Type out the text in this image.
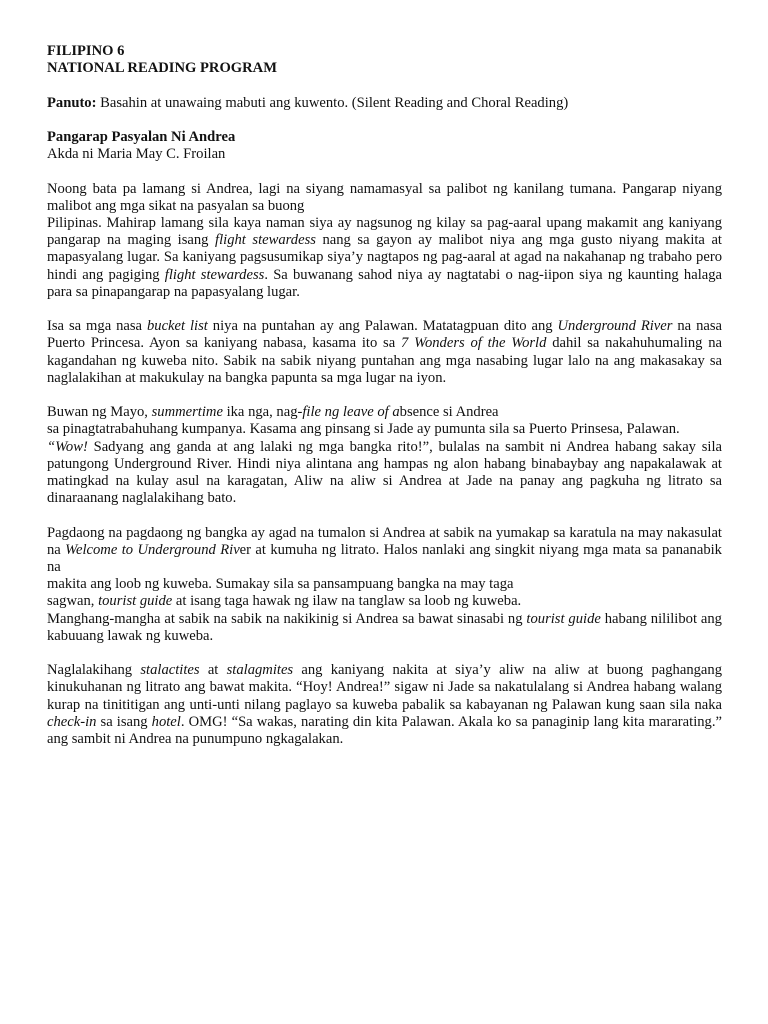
FILIPINO 6

NATIONAL READING PROGRAM

Panuto: Basahin at unawaing mabuti ang kuwento. (Silent Reading and Choral Reading)

Pangarap Pasyalan Ni Andrea

Akda ni Maria May C. Froilan

Noong bata pa lamang si Andrea, lagi na siyang namamasyal sa palibot ng kanilang tumana. Pangarap niyang malibot ang mga sikat na pasyalan sa buong

Pilipinas. Mahirap lamang sila kaya naman siya ay nagsunog ng kilay sa pag-aaral upang makamit ang kaniyang pangarap na maging isang flight stewardess nang sa gayon ay malibot niya ang mga gusto niyang makita at mapasyalang lugar. Sa kaniyang pagsusumikap siya’y nagtapos ng pag-aaral at agad na nakahanap ng trabaho pero hindi ang pagiging flight stewardess. Sa buwanang sahod niya ay nagtatabi o nag-iipon siya ng kaunting halaga para sa pinapangarap na papasyalang lugar.

Isa sa mga nasa bucket list niya na puntahan ay ang Palawan. Matatagpuan dito ang Underground River na nasa Puerto Princesa. Ayon sa kaniyang nabasa, kasama ito sa 7 Wonders of the World dahil sa nakahuhumaling na kagandahan ng kuweba nito. Sabik na sabik niyang puntahan ang mga nasabing lugar lalo na ang makasakay sa naglalakihan at makukulay na bangka papunta sa mga lugar na iyon.

Buwan ng Mayo, summertime ika nga, nag-file ng leave of absence si Andrea

sa pinagtatrabahuhang kumpanya. Kasama ang pinsang si Jade ay pumunta sila sa Puerto Prinsesa, Palawan.

“Wow! Sadyang ang ganda at ang lalaki ng mga bangka rito!”, bulalas na sambit ni Andrea habang sakay sila patungong Underground River. Hindi niya alintana ang hampas ng alon habang binabaybay ang napakalawak at matingkad na kulay asul na karagatan, Aliw na aliw si Andrea at Jade na panay ang pagkuha ng litrato sa dinaraanang naglalakihang bato.

Pagdaong na pagdaong ng bangka ay agad na tumalon si Andrea at sabik na yumakap sa karatula na may nakasulat na Welcome to Underground River at kumuha ng litrato. Halos nanlaki ang singkit niyang mga mata sa pananabik na

makita ang loob ng kuweba. Sumakay sila sa pansampuang bangka na may taga

sagwan, tourist guide at isang taga hawak ng ilaw na tanglaw sa loob ng kuweba.

Manghang-mangha at sabik na sabik na nakikinig si Andrea sa bawat sinasabi ng tourist guide habang nililibot ang kabuuang lawak ng kuweba.

Naglalakihang stalactites at stalagmites ang kaniyang nakita at siya’y aliw na aliw at buong paghangang kinukuhanan ng litrato ang bawat makita. “Hoy! Andrea!” sigaw ni Jade sa nakatulalang si Andrea habang walang kurap na tinititigan ang unti-unti nilang paglayo sa kuweba pabalik sa kabayanan ng Palawan kung saan sila naka check-in sa isang hotel. OMG! “Sa wakas, narating din kita Palawan. Akala ko sa panaginip lang kita mararating.” ang sambit ni Andrea na punumpuno ngkagalakan.
